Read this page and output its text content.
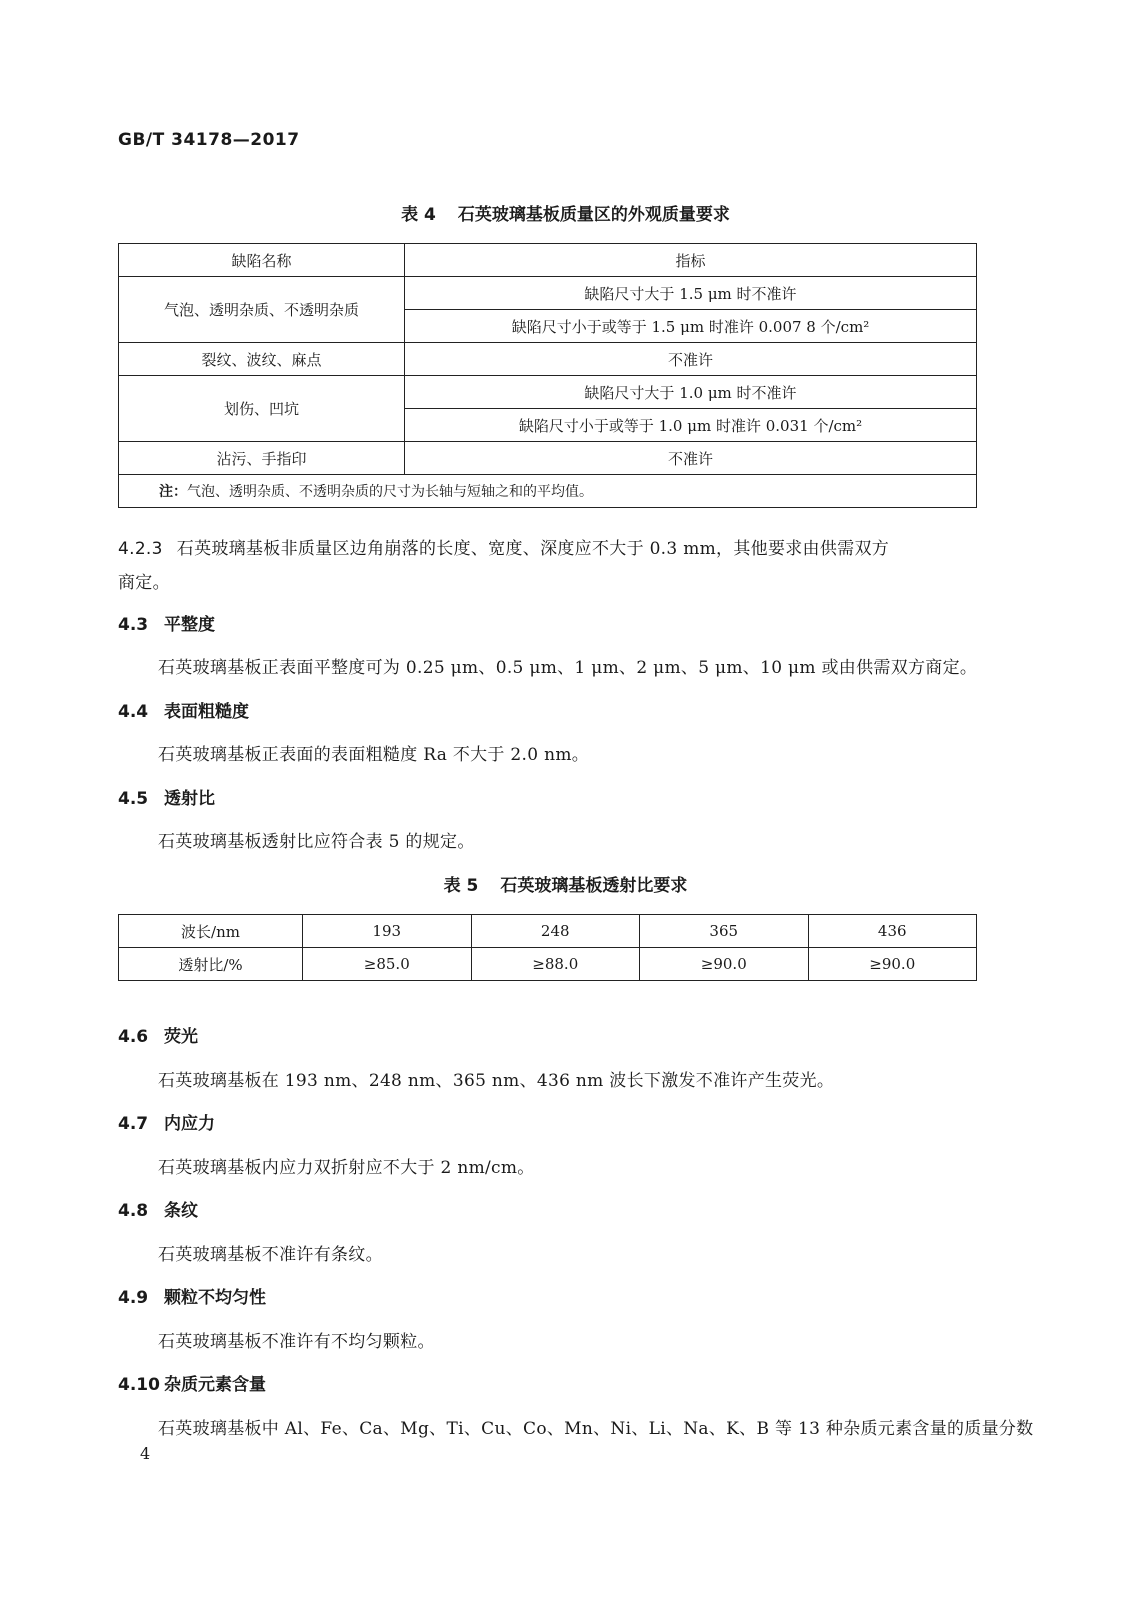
GB/T 34178—2017
表 4 石英玻璃基板质量区的外观质量要求
缺陷名称	指标
气泡、透明杂质、不透明杂质	缺陷尺寸大于 1.5 μm 时不准许
	缺陷尺寸小于或等于 1.5 μm 时准许 0.007 8 个/cm²
裂纹、波纹、麻点	不准许
划伤、凹坑	缺陷尺寸大于 1.0 μm 时不准许
	缺陷尺寸小于或等于 1.0 μm 时准许 0.031 个/cm²
沾污、手指印	不准许
注：气泡、透明杂质、不透明杂质的尺寸为长轴与短轴之和的平均值。	
4.2.3 石英玻璃基板非质量区边角崩落的长度、宽度、深度应不大于 0.3 mm，其他要求由供需双方
商定。
4.3 平整度
石英玻璃基板正表面平整度可为 0.25 μm、0.5 μm、1 μm、2 μm、5 μm、10 μm 或由供需双方商定。
4.4 表面粗糙度
石英玻璃基板正表面的表面粗糙度 Ra 不大于 2.0 nm。
4.5 透射比
石英玻璃基板透射比应符合表 5 的规定。
表 5 石英玻璃基板透射比要求
波长/nm	193	248	365	436
透射比/%	≥85.0	≥88.0	≥90.0	≥90.0
4.6 荧光
石英玻璃基板在 193 nm、248 nm、365 nm、436 nm 波长下激发不准许产生荧光。
4.7 内应力
石英玻璃基板内应力双折射应不大于 2 nm/cm。
4.8 条纹
石英玻璃基板不准许有条纹。
4.9 颗粒不均匀性
石英玻璃基板不准许有不均匀颗粒。
4.10 杂质元素含量
石英玻璃基板中 Al、Fe、Ca、Mg、Ti、Cu、Co、Mn、Ni、Li、Na、K、B 等 13 种杂质元素含量的质量分数
4
